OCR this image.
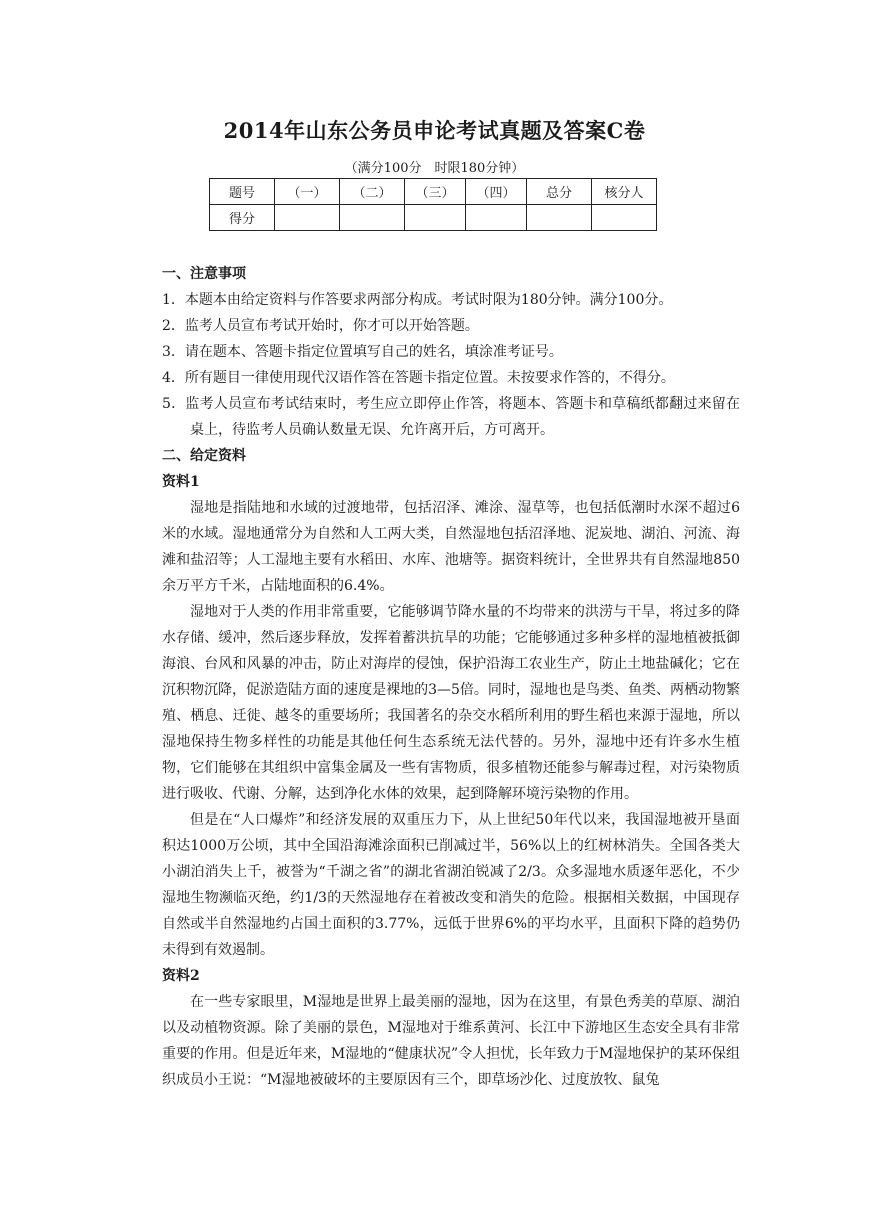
2014年山东公务员申论考试真题及答案C卷
（满分100分　时限180分钟）
题号	（一）	（二）	（三）	（四）	总分	核分人
得分						

一、注意事项

1．本题本由给定资料与作答要求两部分构成。考试时限为180分钟。满分100分。

2．监考人员宣布考试开始时，你才可以开始答题。

3．请在题本、答题卡指定位置填写自己的姓名，填涂准考证号。

4．所有题目一律使用现代汉语作答在答题卡指定位置。未按要求作答的，不得分。

5．监考人员宣布考试结束时，考生应立即停止作答，将题本、答题卡和草稿纸都翻过来留在桌上，待监考人员确认数量无误、允许离开后，方可离开。

二、给定资料

资料1

湿地是指陆地和水域的过渡地带，包括沼泽、滩涂、湿草等，也包括低潮时水深不超过6米的水域。湿地通常分为自然和人工两大类，自然湿地包括沼泽地、泥炭地、湖泊、河流、海滩和盐沼等；人工湿地主要有水稻田、水库、池塘等。据资料统计，全世界共有自然湿地850余万平方千米，占陆地面积的6.4%。

湿地对于人类的作用非常重要，它能够调节降水量的不均带来的洪涝与干旱，将过多的降水存储、缓冲，然后逐步释放，发挥着蓄洪抗旱的功能；它能够通过多种多样的湿地植被抵御海浪、台风和风暴的冲击，防止对海岸的侵蚀，保护沿海工农业生产，防止土地盐碱化；它在沉积物沉降，促淤造陆方面的速度是裸地的3—5倍。同时，湿地也是鸟类、鱼类、两栖动物繁殖、栖息、迁徙、越冬的重要场所；我国著名的杂交水稻所利用的野生稻也来源于湿地，所以湿地保持生物多样性的功能是其他任何生态系统无法代替的。另外，湿地中还有许多水生植物，它们能够在其组织中富集金属及一些有害物质，很多植物还能参与解毒过程，对污染物质进行吸收、代谢、分解，达到净化水体的效果，起到降解环境污染物的作用。

但是在“人口爆炸”和经济发展的双重压力下，从上世纪50年代以来，我国湿地被开垦面积达1000万公顷，其中全国沿海滩涂面积已削减过半，56%以上的红树林消失。全国各类大小湖泊消失上千，被誉为“千湖之省”的湖北省湖泊锐减了2/3。众多湿地水质逐年恶化，不少湿地生物濒临灭绝，约1/3的天然湿地存在着被改变和消失的危险。根据相关数据，中国现存自然或半自然湿地约占国土面积的3.77%，远低于世界6%的平均水平，且面积下降的趋势仍未得到有效遏制。

资料2

在一些专家眼里，M湿地是世界上最美丽的湿地，因为在这里，有景色秀美的草原、湖泊以及动植物资源。除了美丽的景色，M湿地对于维系黄河、长江中下游地区生态安全具有非常重要的作用。但是近年来，M湿地的“健康状况”令人担忧，长年致力于M湿地保护的某环保组织成员小王说：“M湿地被破坏的主要原因有三个，即草场沙化、过度放牧、鼠兔
